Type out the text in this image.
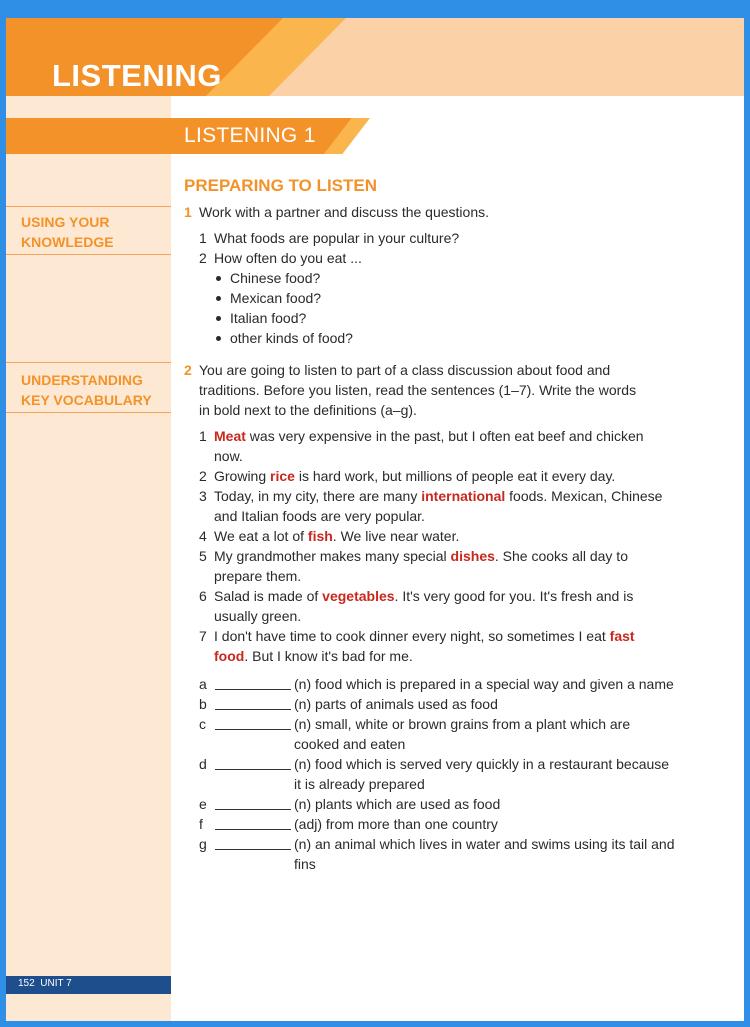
LISTENING
LISTENING 1
USING YOUR
KNOWLEDGE
UNDERSTANDING
KEY VOCABULARY
PREPARING TO LISTEN
1 Work with a partner and discuss the questions.
1 What foods are popular in your culture?
2 How often do you eat ...
Chinese food?
Mexican food?
Italian food?
other kinds of food?
2 You are going to listen to part of a class discussion about food and traditions. Before you listen, read the sentences (1–7). Write the words in bold next to the definitions (a–g).
1 Meat was very expensive in the past, but I often eat beef and chicken now.
2 Growing rice is hard work, but millions of people eat it every day.
3 Today, in my city, there are many international foods. Mexican, Chinese and Italian foods are very popular.
4 We eat a lot of fish. We live near water.
5 My grandmother makes many special dishes. She cooks all day to prepare them.
6 Salad is made of vegetables. It's very good for you. It's fresh and is usually green.
7 I don't have time to cook dinner every night, so sometimes I eat fast food. But I know it's bad for me.
a	(n) food which is prepared in a special way and given a name
b	(n) parts of animals used as food
c	(n) small, white or brown grains from a plant which are cooked and eaten
d	(n) food which is served very quickly in a restaurant because it is already prepared
e	(n) plants which are used as food
f	(adj) from more than one country
g	(n) an animal which lives in water and swims using its tail and fins
152 UNIT 7
